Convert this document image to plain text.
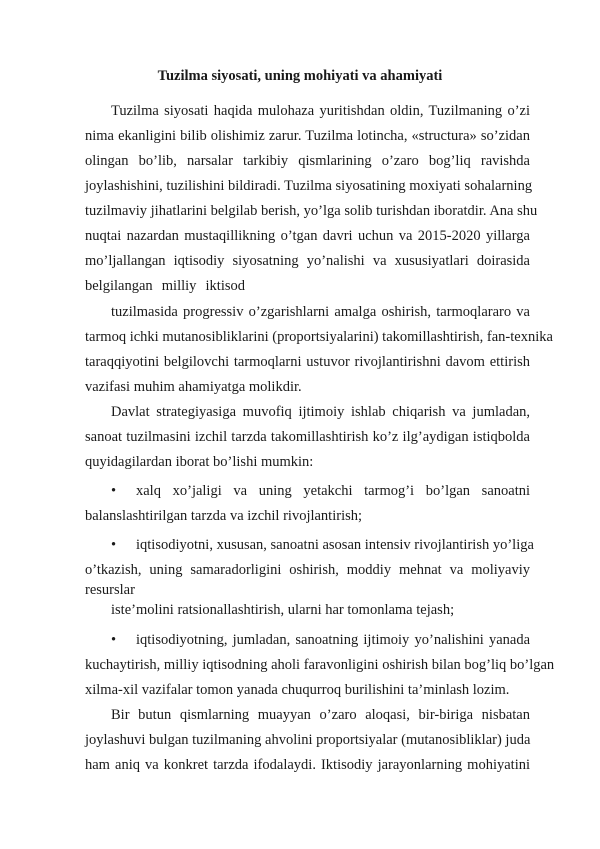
Tuzilma siyosati, uning mohiyati va ahamiyati
Tuzilma siyosati haqida mulohaza yuritishdan oldin, Tuzilmaning o’zi
nima ekanligini bilib olishimiz zarur. Tuzilma lotincha, «structura» so’zidan
olingan bo’lib, narsalar tarkibiy qismlarining o’zaro bog’liq ravishda
joylashishini, tuzilishini bildiradi. Tuzilma siyosatining moxiyati sohalarning
tuzilmaviy jihatlarini belgilab berish, yo’lga solib turishdan iboratdir. Ana shu
nuqtai nazardan mustaqillikning o’tgan davri uchun va 2015-2020 yillarga
mo’ljallangan iqtisodiy siyosatning yo’nalishi va xususiyatlari doirasida
belgilangan milliy iktisod
tuzilmasida progressiv o’zgarishlarni amalga oshirish, tarmoqlararo va
tarmoq ichki mutanosibliklarini (proportsiyalarini) takomillashtirish, fan-texnika
taraqqiyotini belgilovchi tarmoqlarni ustuvor rivojlantirishni davom ettirish
vazifasi muhim ahamiyatga molikdir.
Davlat strategiyasiga muvofiq ijtimoiy ishlab chiqarish va jumladan,
sanoat tuzilmasini izchil tarzda takomillashtirish ko’z ilg’aydigan istiqbolda
quyidagilardan iborat bo’lishi mumkin:
• xalq xo’jaligi va uning yetakchi tarmog’i bo’lgan sanoatni
balanslashtirilgan tarzda va izchil rivojlantirish;
• iqtisodiyotni, xususan, sanoatni asosan intensiv rivojlantirish yo’liga
o’tkazish, uning samaradorligini oshirish, moddiy mehnat va moliyaviy
resurslar
iste’molini ratsionallashtirish, ularni har tomonlama tejash;
• iqtisodiyotning, jumladan, sanoatning ijtimoiy yo’nalishini yanada
kuchaytirish, milliy iqtisodning aholi faravonligini oshirish bilan bog’liq bo’lgan
xilma-xil vazifalar tomon yanada chuqurroq burilishini ta’minlash lozim.
Bir butun qismlarning muayyan o’zaro aloqasi, bir-biriga nisbatan
joylashuvi bulgan tuzilmaning ahvolini proportsiyalar (mutanosibliklar) juda
ham aniq va konkret tarzda ifodalaydi. Iktisodiy jarayonlarning mohiyatini
